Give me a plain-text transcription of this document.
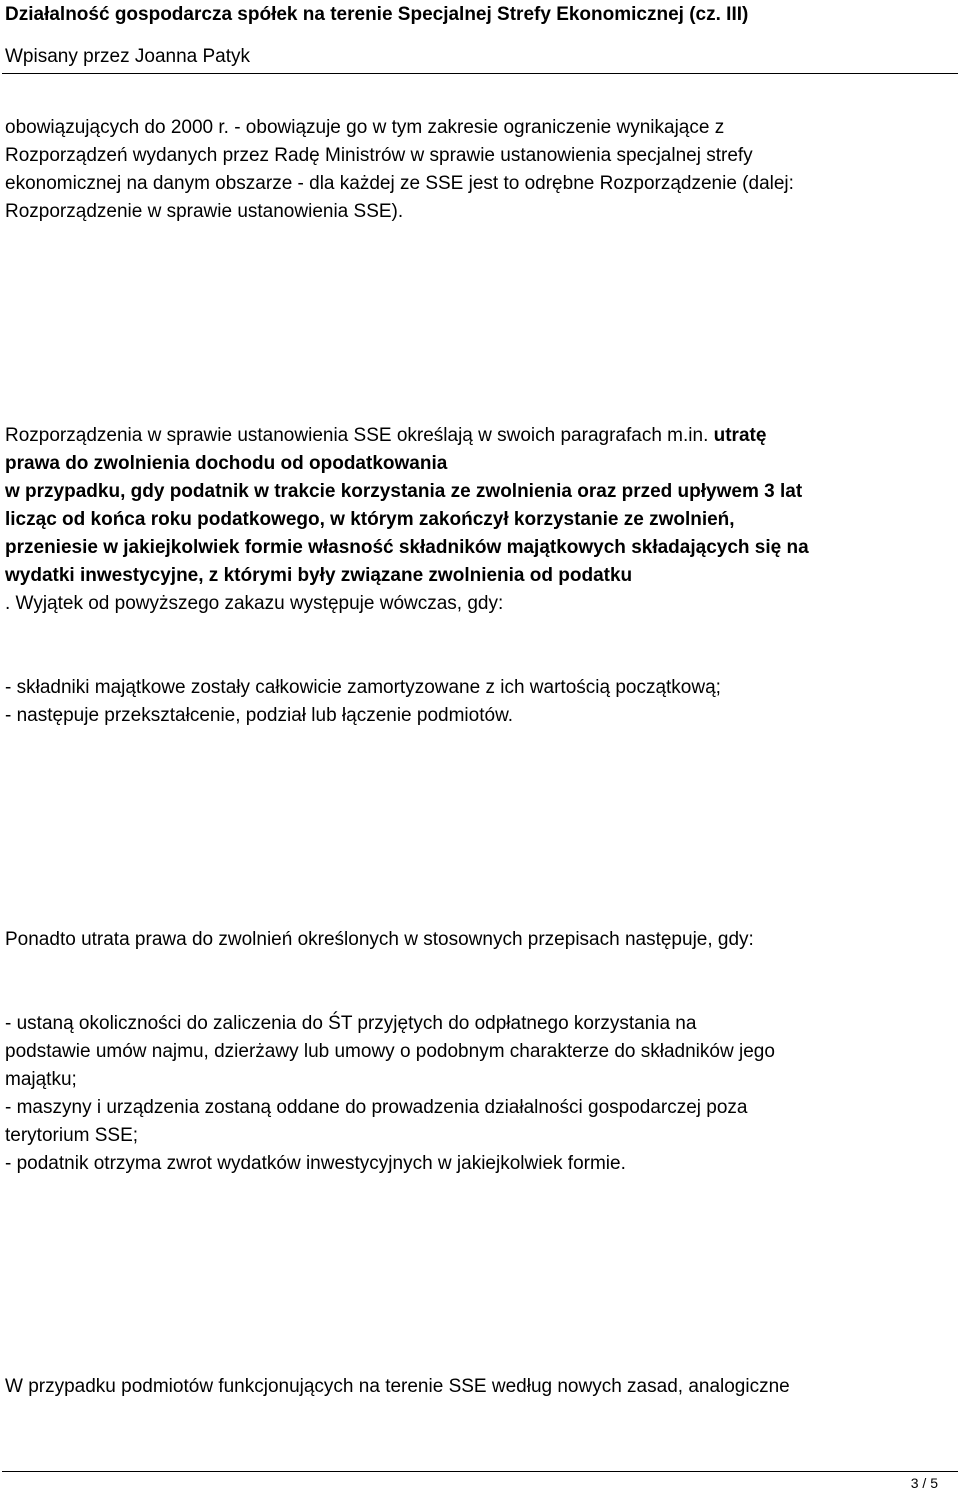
Działalność gospodarcza spółek na terenie Specjalnej Strefy Ekonomicznej (cz. III)
Wpisany przez Joanna Patyk
obowiązujących do 2000 r. - obowiązuje go w tym zakresie ograniczenie wynikające z
Rozporządzeń wydanych przez Radę Ministrów w sprawie ustanowienia specjalnej strefy
ekonomicznej na danym obszarze - dla każdej ze SSE jest to odrębne Rozporządzenie (dalej:
Rozporządzenie w sprawie ustanowienia SSE).
Rozporządzenia w sprawie ustanowienia SSE określają w swoich paragrafach m.in. utratę
prawa do zwolnienia dochodu od opodatkowania
w przypadku, gdy podatnik w trakcie korzystania ze zwolnienia oraz przed upływem 3 lat
licząc od końca roku podatkowego, w którym zakończył korzystanie ze zwolnień,
przeniesie w jakiejkolwiek formie własność składników majątkowych składających się na
wydatki inwestycyjne, z którymi były związane zwolnienia od podatku
. Wyjątek od powyższego zakazu występuje wówczas, gdy:
- składniki majątkowe zostały całkowicie zamortyzowane z ich wartością początkową;
- następuje przekształcenie, podział lub łączenie podmiotów.
Ponadto utrata prawa do zwolnień określonych w stosownych przepisach następuje, gdy:
- ustaną okoliczności do zaliczenia do ŚT przyjętych do odpłatnego korzystania na
podstawie umów najmu, dzierżawy lub umowy o podobnym charakterze do składników jego
majątku;
- maszyny i urządzenia zostaną oddane do prowadzenia działalności gospodarczej poza
terytorium SSE;
- podatnik otrzyma zwrot wydatków inwestycyjnych w jakiejkolwiek formie.
W przypadku podmiotów funkcjonujących na terenie SSE według nowych zasad, analogiczne
3 / 5
